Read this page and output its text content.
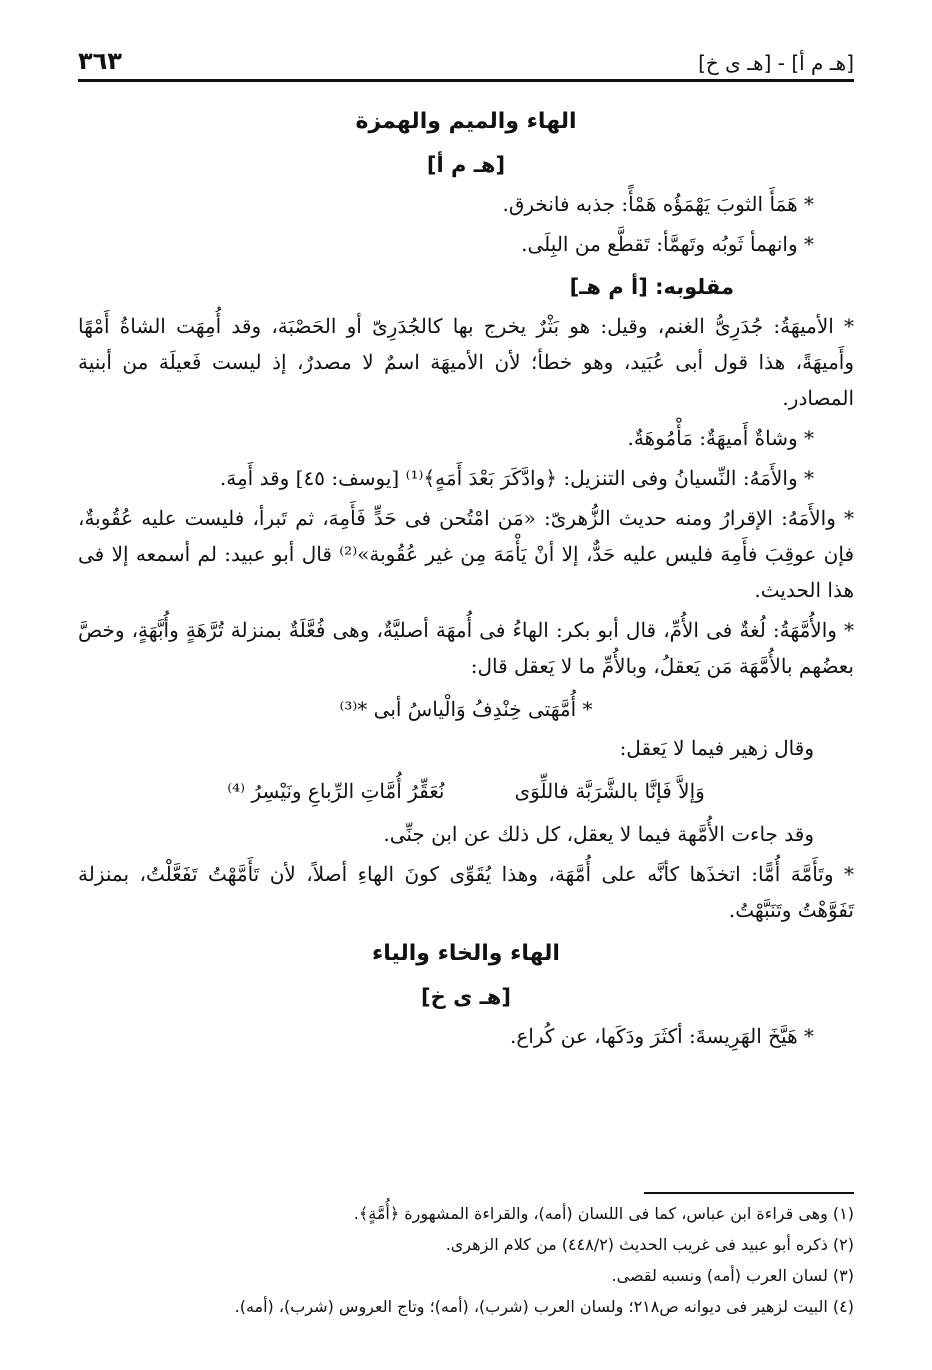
[هـ م أ] - [هـ ى خ]
٣٦٣

الهاء والميم والهمزة

[هـ م أ]

* هَمَأَ الثوبَ يَهْمَؤُه هَمْأً: جذبه فانخرق.

* وانهمأ ثَوبُه وتَهمَّأ: تَقطَّع من البِلَى.

مقلوبه: [أ م هـ]

* الأميهَةُ: جُدَرِىُّ الغنم، وقيل: هو بَثْرٌ يخرج بها كالجُدَرِىّ أو الحَصْبَة، وقد أُمِهَت الشاةُ أَمْهًا وأَميهَةً، هذا قول أبى عُبَيد، وهو خطأ؛ لأن الأميهَة اسمٌ لا مصدرٌ، إذ ليست فَعيلَة من أبنية المصادر.

* وشاةٌ أَميهَةٌ: مَأْمُوهَةٌ.

* والأَمَهُ: النِّسيانُ وفى التنزيل: ﴿وادَّكَرَ بَعْدَ أَمَهٍ﴾⁽¹⁾ [يوسف: ٤٥] وقد أَمِهَ.

* والأَمَهُ: الإقرارُ ومنه حديث الزُّهرىّ: «مَن امْتُحن فى حَدٍّ فَأَمِهَ، ثم تَبرأ، فليست عليه عُقُوبةٌ، فإن عوقِبَ فأَمِهَ فليس عليه حَدٌّ، إلا أنْ يَأْمَهَ مِن غير عُقُوبة»⁽²⁾ قال أبو عبيد: لم أسمعه إلا فى هذا الحديث.

* والأُمَّهَةُ: لُغةٌ فى الأُمِّ، قال أبو بكر: الهاءُ فى أُمهَة أصليَّةٌ، وهى فُعَّلَةٌ بمنزلة تُرَّهَةٍ وأُبَّهَةٍ، وخصَّ بعضُهم بالأُمَّهَة مَن يَعقلُ، وبالأُمِّ ما لا يَعقل قال:

* أُمَّهَتى خِنْدِفُ وَالْياسُ أبى *⁽³⁾

وقال زهير فيما لا يَعقل:

وَإلاَّ فَإنَّا بالشَّرَبَّة فاللِّوَى
نُعَقِّرُ أُمَّاتِ الرِّباعِ ونَيْسِرُ ⁽⁴⁾

وقد جاءت الأُمَّهة فيما لا يعقل، كل ذلك عن ابن جنِّى.

* وتَأَمَّهَ أُمًّا: اتخذَها كأنَّه على أُمَّهَة، وهذا يُقَوِّى كونَ الهاءِ أصلاً، لأن تَأَمَّهْتُ تَفَعَّلْتُ، بمنزلة تَفَوَّهْتُ وتَنَبَّهْتُ.

الهاء والخاء والياء

[هـ ى خ]

* هَيَّخَ الهَرِيسةَ: أكثَرَ ودَكَها، عن كُراع.

(١) وهى قراءة ابن عباس، كما فى اللسان (أمه)، والقراءة المشهورة ﴿أُمَّةٍ﴾.

(٢) ذكره أبو عبيد فى غريب الحديث (٤٤٨/٢) من كلام الزهرى.

(٣) لسان العرب (أمه) ونسبه لقصى.

(٤) البيت لزهير فى ديوانه ص٢١٨؛ ولسان العرب (شرب)، (أمه)؛ وتاج العروس (شرب)، (أمه).
